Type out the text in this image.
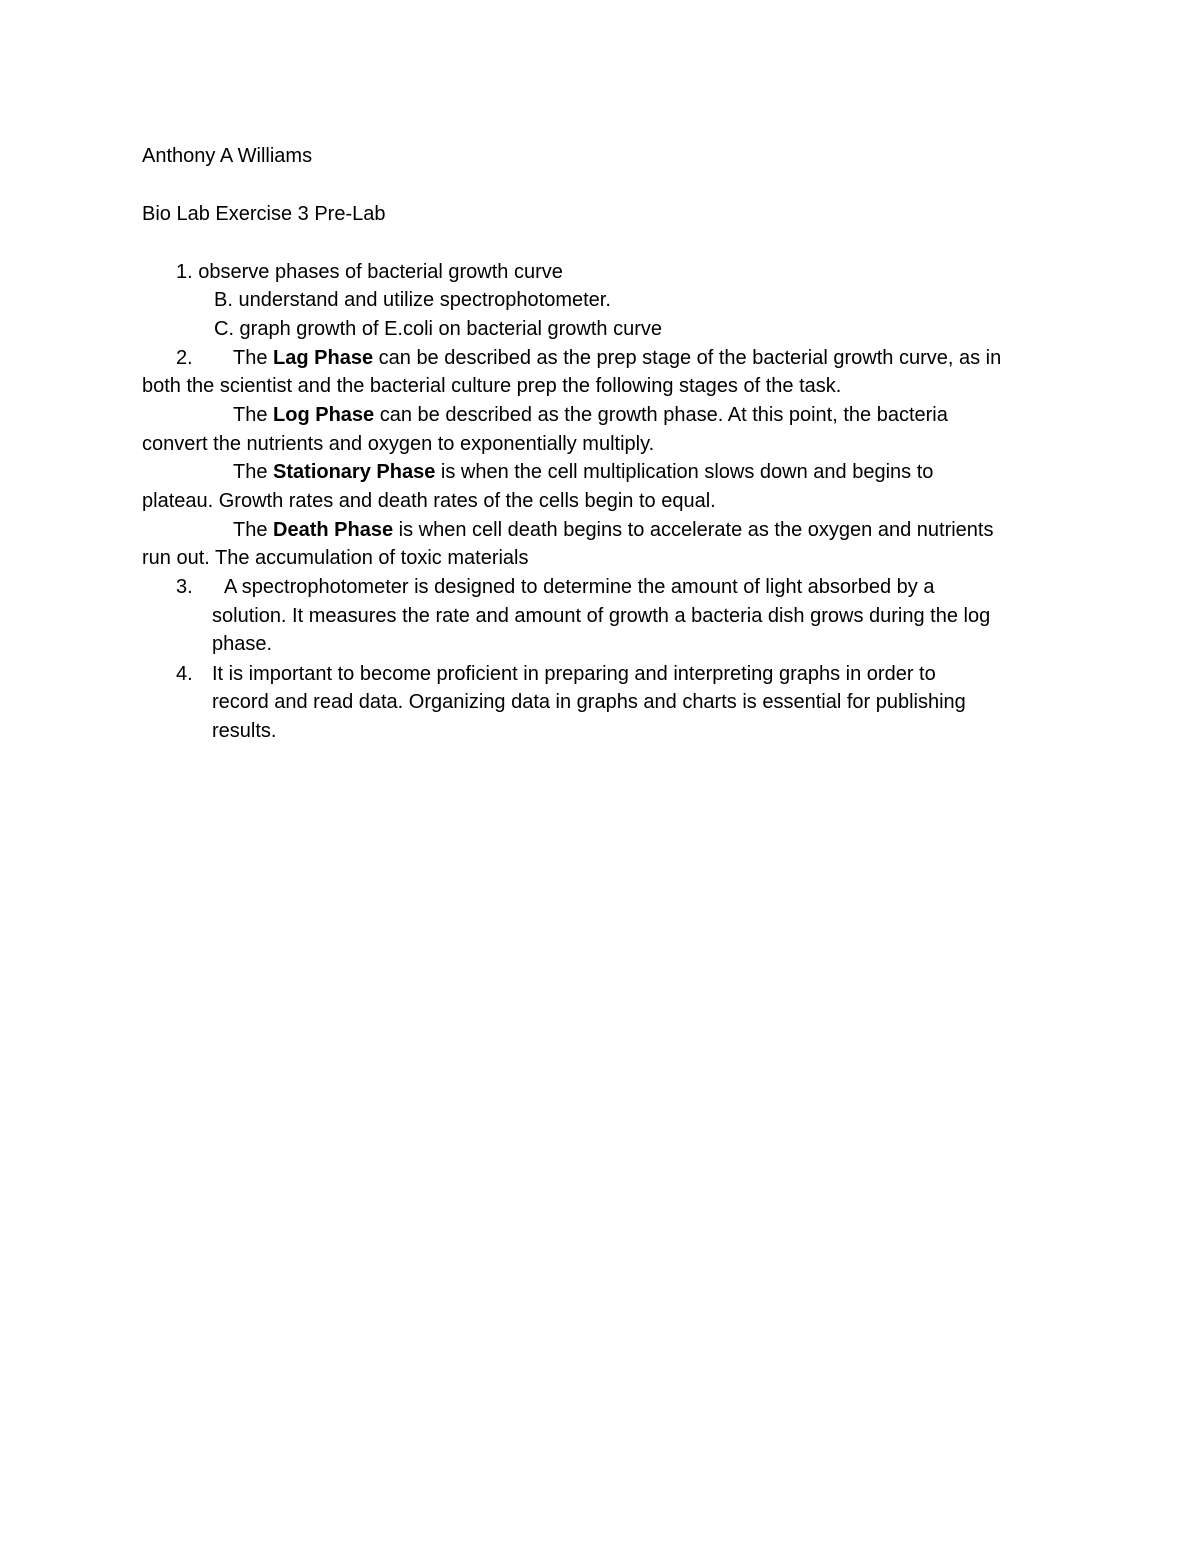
Anthony A Williams
Bio Lab Exercise 3 Pre-Lab
1. observe phases of bacterial growth curve
B. understand and utilize spectrophotometer.
C. graph growth of E.coli on bacterial growth curve
2. The Lag Phase can be described as the prep stage of the bacterial growth curve, as in
both the scientist and the bacterial culture prep the following stages of the task.
The Log Phase can be described as the growth phase. At this point, the bacteria
convert the nutrients and oxygen to exponentially multiply.
The Stationary Phase is when the cell multiplication slows down and begins to
plateau. Growth rates and death rates of the cells begin to equal.
The Death Phase is when cell death begins to accelerate as the oxygen and nutrients
run out. The accumulation of toxic materials
3. A spectrophotometer is designed to determine the amount of light absorbed by a
solution. It measures the rate and amount of growth a bacteria dish grows during the log
phase.
4. It is important to become proficient in preparing and interpreting graphs in order to
record and read data. Organizing data in graphs and charts is essential for publishing
results.
